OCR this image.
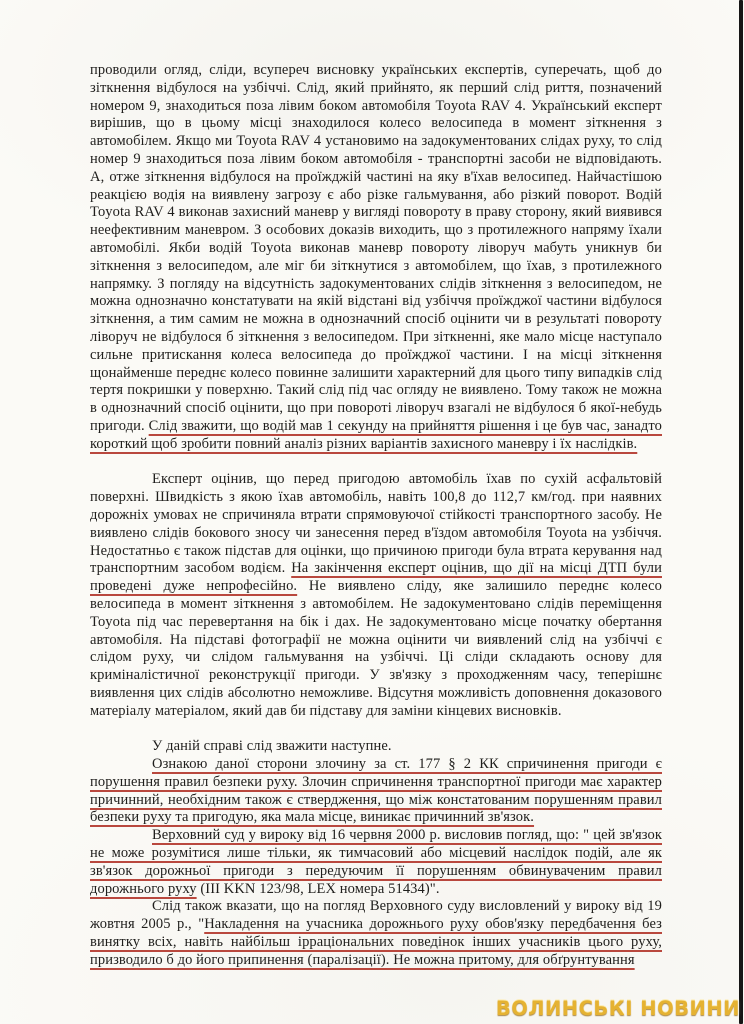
проводили огляд, сліди, всупереч висновку українських експертів, суперечать, щоб до зіткнення відбулося на узбіччі. Слід, який прийнято, як перший слід риття, позначений номером 9, знаходиться поза лівим боком автомобіля Toyota RAV 4. Український експерт вирішив, що в цьому місці знаходилося колесо велосипеда в момент зіткнення з автомобілем. Якщо ми Toyota RAV 4 установимо на задокументованих слідах руху, то слід номер 9 знаходиться поза лівим боком автомобіля - транспортні засоби не відповідають. А, отже зіткнення відбулося на проїжджій частині на яку в'їхав велосипед. Найчастішою реакцією водія на виявлену загрозу є або різке гальмування, або різкий поворот. Водій Toyota RAV 4 виконав захисний маневр у вигляді повороту в праву сторону, який виявився неефективним маневром. З особових доказів виходить, що з протилежного напряму їхали автомобілі. Якби водій Toyota виконав маневр повороту ліворуч мабуть уникнув би зіткнення з велосипедом, але міг би зіткнутися з автомобілем, що їхав, з протилежного напрямку. З погляду на відсутність задокументованих слідів зіткнення з велосипедом, не можна однозначно констатувати на якій відстані від узбіччя проїжджої частини відбулося зіткнення, а тим самим не можна в однозначний спосіб оцінити чи в результаті повороту ліворуч не відбулося б зіткнення з велосипедом. При зіткненні, яке мало місце наступало сильне притискання колеса велосипеда до проїжджої частини. І на місці зіткнення щонайменше переднє колесо повинне залишити характерний для цього типу випадків слід тертя покришки у поверхню. Такий слід під час огляду не виявлено. Тому також не можна в однозначний спосіб оцінити, що при повороті ліворуч взагалі не відбулося б якої-небудь пригоди. Слід зважити, що водій мав 1 секунду на прийняття рішення і це був час, занадто короткий щоб зробити повний аналіз різних варіантів захисного маневру і їх наслідків.

Експерт оцінив, що перед пригодою автомобіль їхав по сухій асфальтовій поверхні. Швидкість з якою їхав автомобіль, навіть 100,8 до 112,7 км/год. при наявних дорожніх умовах не спричиняла втрати спрямовуючої стійкості транспортного засобу. Не виявлено слідів бокового зносу чи занесення перед в'їздом автомобіля Toyota на узбіччя. Недостатньо є також підстав для оцінки, що причиною пригоди була втрата керування над транспортним засобом водієм. На закінчення експерт оцінив, що дії на місці ДТП були проведені дуже непрофесійно. Не виявлено сліду, яке залишило переднє колесо велосипеда в момент зіткнення з автомобілем. Не задокументовано слідів переміщення Toyota під час перевертання на бік і дах. Не задокументовано місце початку обертання автомобіля. На підставі фотографії не можна оцінити чи виявлений слід на узбіччі є слідом руху, чи слідом гальмування на узбіччі. Ці сліди складають основу для криміналістичної реконструкції пригоди. У зв'язку з проходженням часу, теперішнє виявлення цих слідів абсолютно неможливе. Відсутня можливість доповнення доказового матеріалу матеріалом, який дав би підставу для заміни кінцевих висновків.

У даній справі слід зважити наступне.

Ознакою даної сторони злочину за ст. 177 § 2 КК спричинення пригоди є порушення правил безпеки руху. Злочин спричинення транспортної пригоди має характер причинний, необхідним також є ствердження, що між констатованим порушенням правил безпеки руху та пригодую, яка мала місце, виникає причинний зв'язок.

Верховний суд у вироку від 16 червня 2000 р. висловив погляд, що: " цей зв'язок не може розумітися лише тільки, як тимчасовий або місцевий наслідок подій, але як зв'язок дорожньої пригоди з передуючим її порушенням обвинуваченим правил дорожнього руху (III KKN 123/98, LEX номера 51434)".

Слід також вказати, що на погляд Верховного суду висловлений у вироку від 19 жовтня 2005 р., "Накладення на учасника дорожнього руху обов'язку передбачення без винятку всіх, навіть найбільш ірраціональних поведінок інших учасників цього руху, призводило б до його припинення (паралізації). Не можна притому, для обґрунтування

ВОЛИНСЬКІ НОВИНИ
